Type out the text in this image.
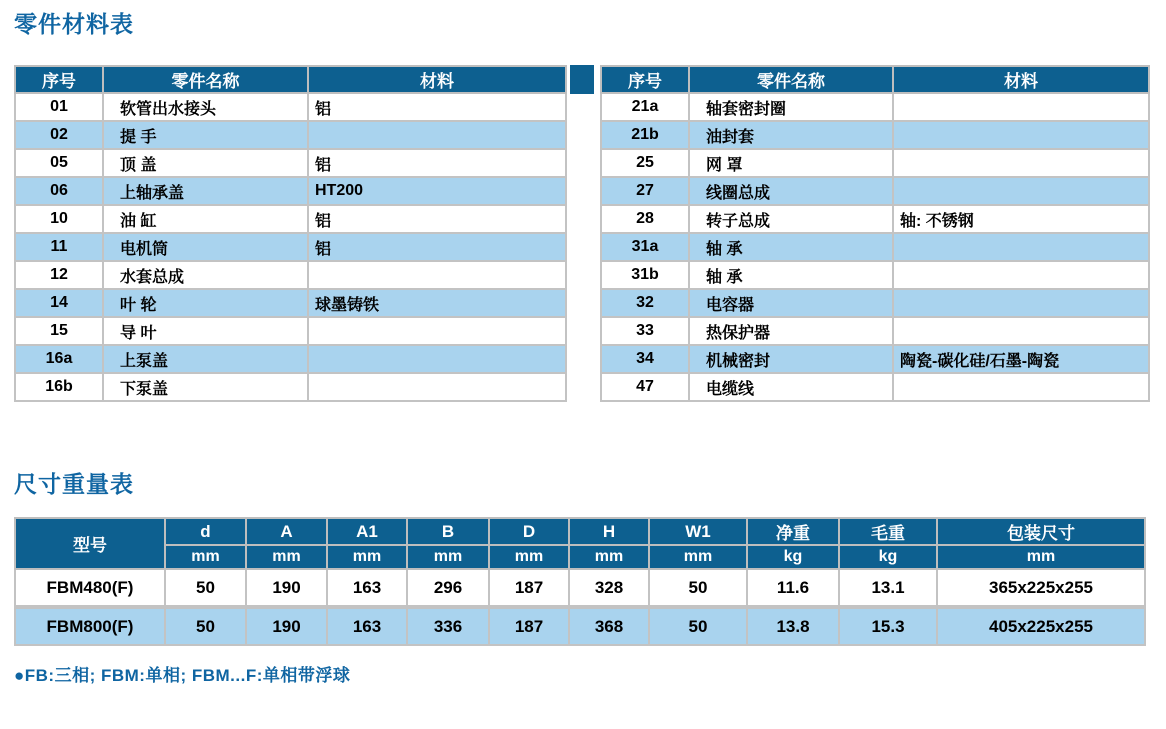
零件材料表
序号	零件名称	材料
01	软管出水接头	铝
02	提 手	
05	顶 盖	铝
06	上轴承盖	HT200
10	油 缸	铝
11	电机筒	铝
12	水套总成	
14	叶 轮	球墨铸铁
15	导 叶	
16a	上泵盖	
16b	下泵盖	
序号	零件名称	材料
21a	轴套密封圈	
21b	油封套	
25	网 罩	
27	线圈总成	
28	转子总成	轴: 不锈钢
31a	轴 承	
31b	轴 承	
32	电容器	
33	热保护器	
34	机械密封	陶瓷-碳化硅/石墨-陶瓷
47	电缆线	
尺寸重量表
型号	d	A	A1	B	D	H	W1	净重	毛重	包装尺寸
	mm	mm	mm	mm	mm	mm	mm	kg	kg	mm
FBM480(F)	50	190	163	296	187	328	50	11.6	13.1	365x225x255
FBM800(F)	50	190	163	336	187	368	50	13.8	15.3	405x225x255

●FB:三相; FBM:单相; FBM...F:单相带浮球
